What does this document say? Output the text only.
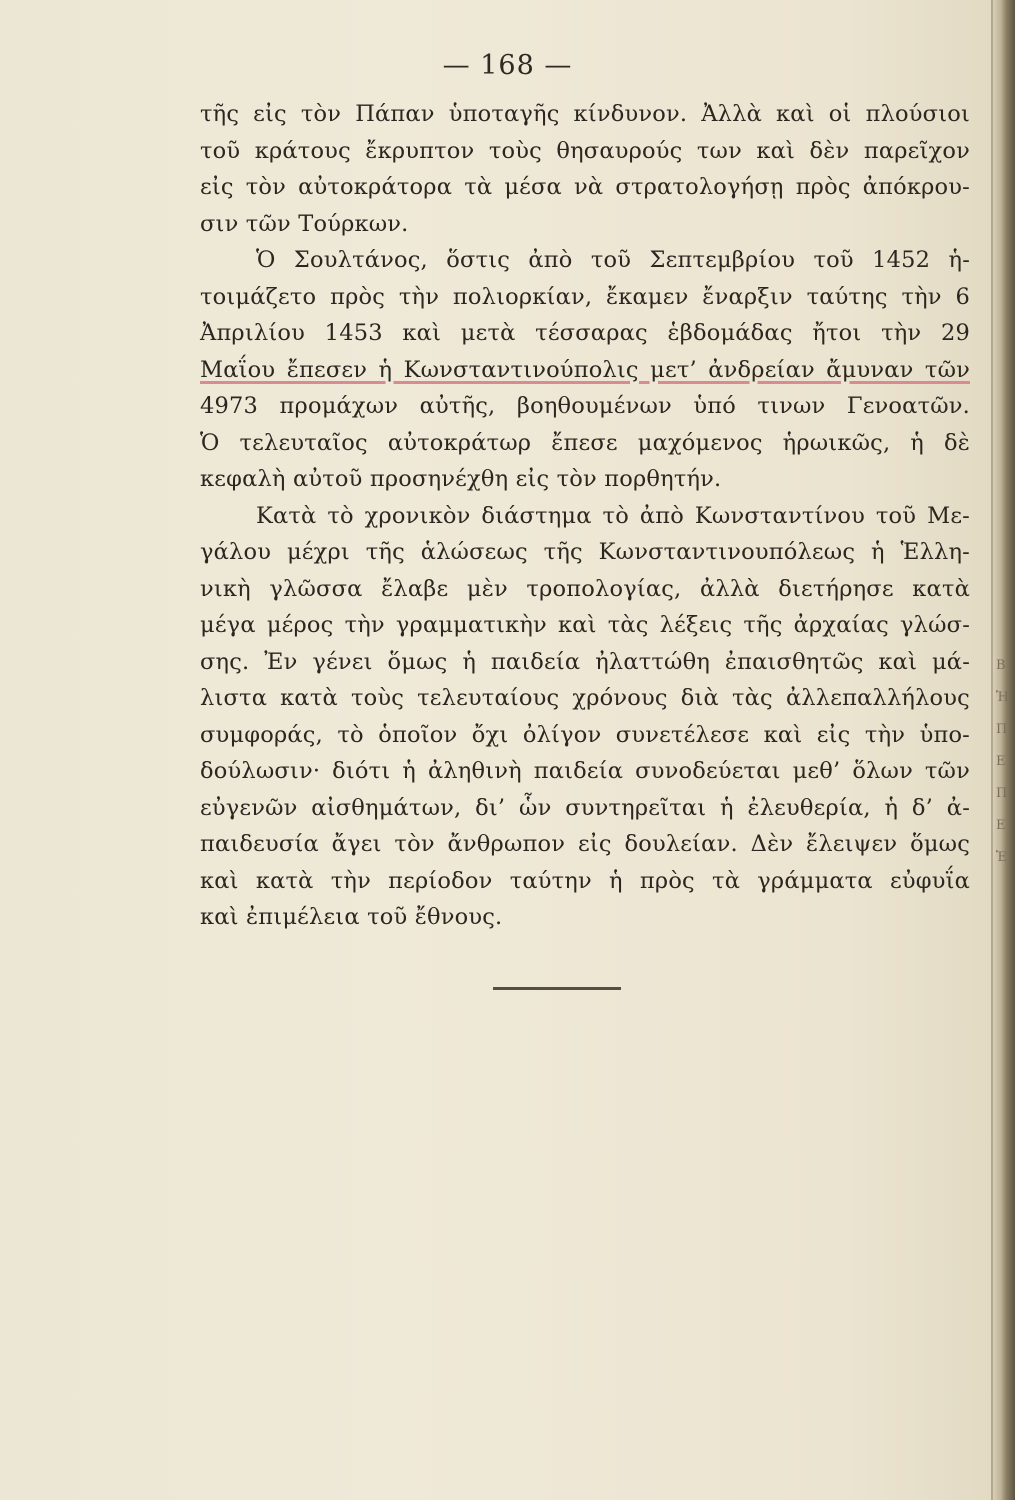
— 168 —
τῆς εἰς τὸν Πάπαν ὑποταγῆς κίνδυνον. Ἀλλὰ καὶ οἱ πλούσιοι
τοῦ κράτους ἔκρυπτον τοὺς θησαυρούς των καὶ δὲν παρεῖχον
εἰς τὸν αὐτοκράτορα τὰ μέσα νὰ στρατολογήσῃ πρὸς ἀπόκρου-
σιν τῶν Τούρκων.
Ὁ Σουλτάνος, ὅστις ἀπὸ τοῦ Σεπτεμβρίου τοῦ 1452 ἡ-
τοιμάζετο πρὸς τὴν πολιορκίαν, ἔκαμεν ἔναρξιν ταύτης τὴν 6
Ἀπριλίου 1453 καὶ μετὰ τέσσαρας ἑβδομάδας ἤτοι τὴν 29
Μαΐου ἔπεσεν ἡ Κωνσταντινούπολις μετ’ ἀνδρείαν ἄμυναν τῶν
4973 προμάχων αὐτῆς, βοηθουμένων ὑπό τινων Γενοατῶν.
Ὁ τελευταῖος αὐτοκράτωρ ἔπεσε μαχόμενος ἡρωικῶς, ἡ δὲ
κεφαλὴ αὐτοῦ προσηνέχθη εἰς τὸν πορθητήν.
Κατὰ τὸ χρονικὸν διάστημα τὸ ἀπὸ Κωνσταντίνου τοῦ Με-
γάλου μέχρι τῆς ἁλώσεως τῆς Κωνσταντινουπόλεως ἡ Ἑλλη-
νικὴ γλῶσσα ἔλαβε μὲν τροπολογίας, ἀλλὰ διετήρησε κατὰ
μέγα μέρος τὴν γραμματικὴν καὶ τὰς λέξεις τῆς ἀρχαίας γλώσ-
σης. Ἐν γένει ὅμως ἡ παιδεία ἠλαττώθη ἐπαισθητῶς καὶ μά-
λιστα κατὰ τοὺς τελευταίους χρόνους διὰ τὰς ἀλλεπαλλήλους
συμφοράς, τὸ ὁποῖον ὄχι ὀλίγον συνετέλεσε καὶ εἰς τὴν ὑπο-
δούλωσιν· διότι ἡ ἀληθινὴ παιδεία συνοδεύεται μεθ’ ὅλων τῶν
εὐγενῶν αἰσθημάτων, δι’ ὧν συντηρεῖται ἡ ἐλευθερία, ἡ δ’ ἀ-
παιδευσία ἄγει τὸν ἄνθρωπον εἰς δουλείαν. Δὲν ἔλειψεν ὅμως
καὶ κατὰ τὴν περίοδον ταύτην ἡ πρὸς τὰ γράμματα εὐφυΐα
καὶ ἐπιμέλεια τοῦ ἔθνους.
Β
Ἡ
Π
Ε
Π
Ε
Ἑ
